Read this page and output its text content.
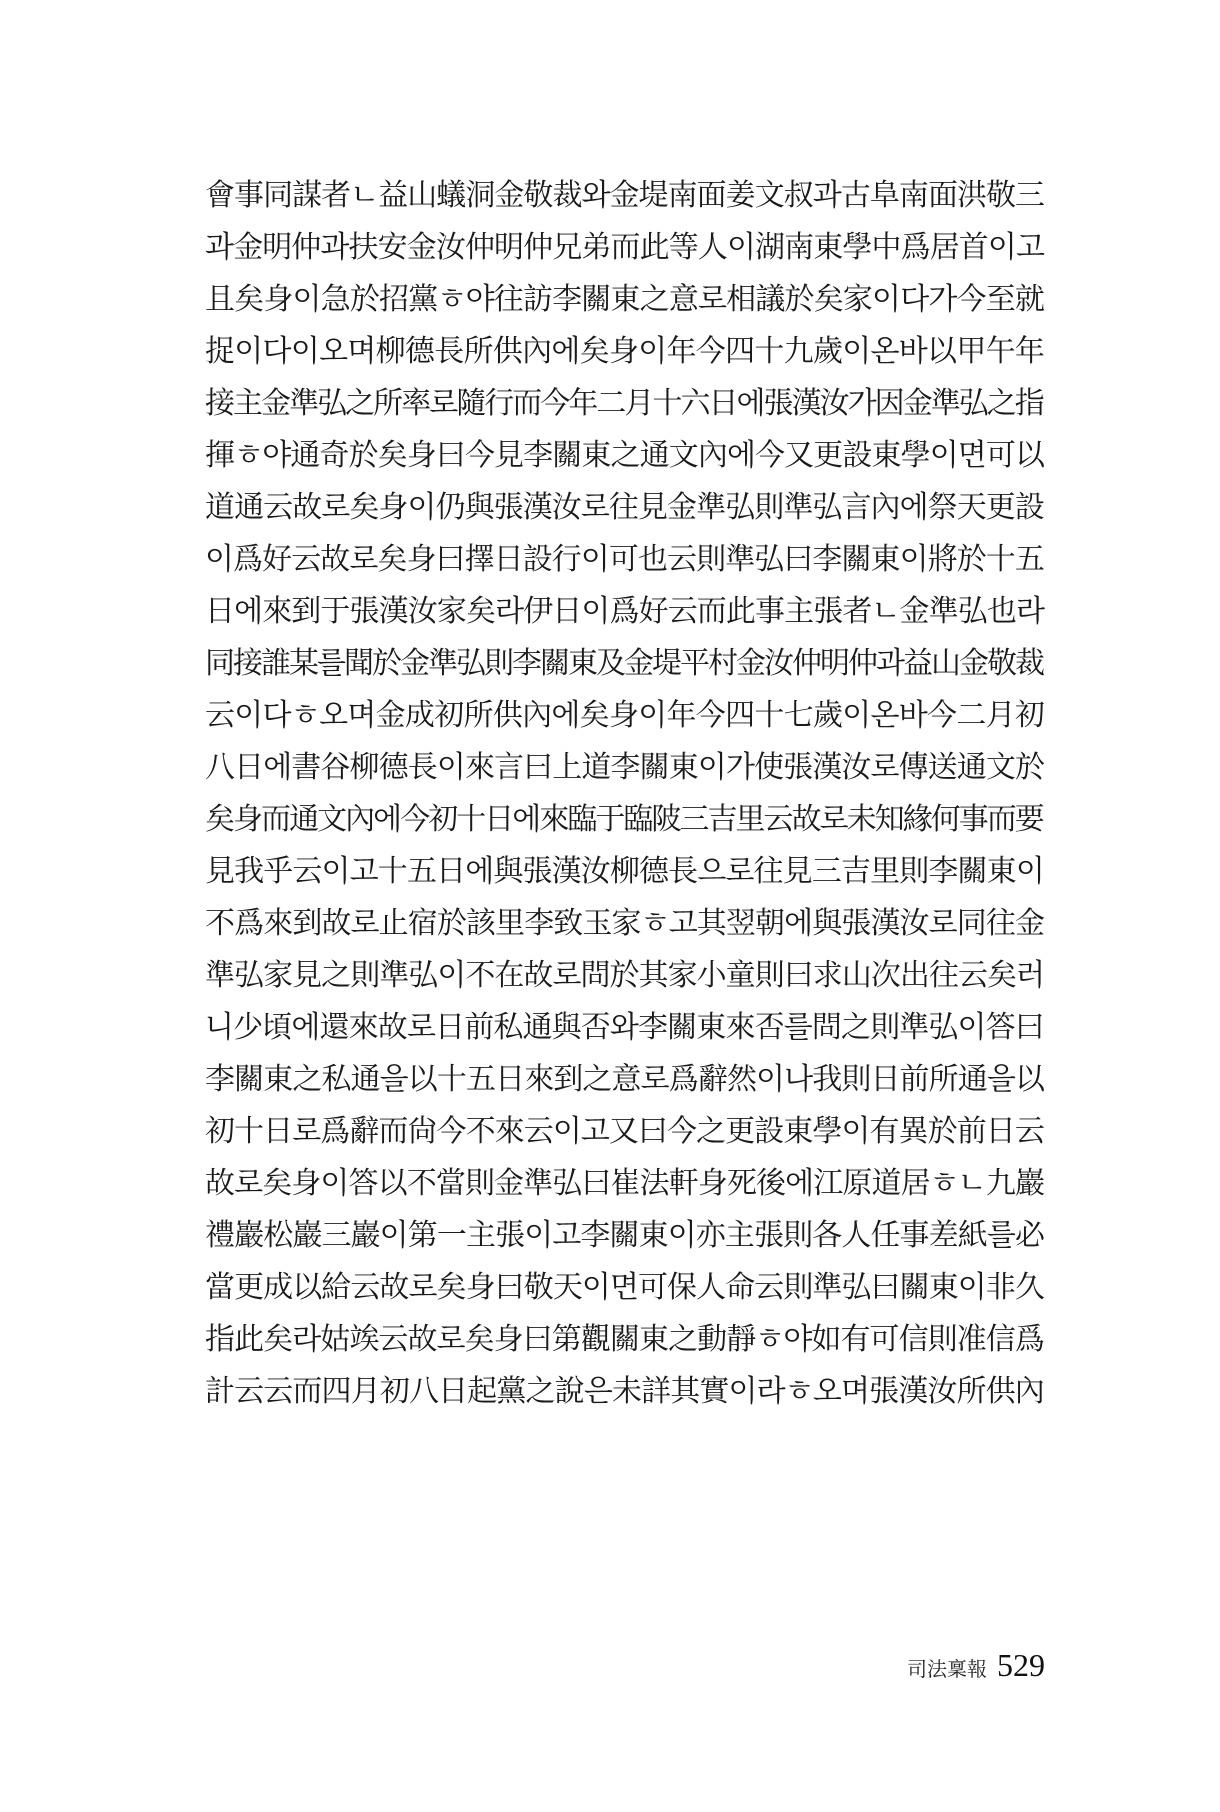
會事同謀者ㄴ益山蟻洞金敬裁와金堤南面姜文叔과古阜南面洪敬三
과金明仲과扶安金汝仲明仲兄弟而此等人이湖南東學中爲居首이고
且矣身이急於招黨ㅎ야往訪李關東之意로相議於矣家이다가今至就
捉이다이오며柳德長所供內에矣身이年今四十九歲이온바以甲午年
接主金準弘之所率로隨行而今年二月十六日에張漢汝가因金準弘之指
揮ㅎ야通奇於矣身曰今見李關東之通文內에今又更設東學이면可以
道通云故로矣身이仍與張漢汝로往見金準弘則準弘言內에祭天更設
이爲好云故로矣身曰擇日設行이可也云則準弘曰李關東이將於十五
日에來到于張漢汝家矣라伊日이爲好云而此事主張者ㄴ金準弘也라
同接誰某를聞於金準弘則李關東及金堤平村金汝仲明仲과益山金敬裁
云이다ㅎ오며金成初所供內에矣身이年今四十七歲이온바今二月初
八日에書谷柳德長이來言曰上道李關東이가使張漢汝로傳送通文於
矣身而通文內에今初十日에來臨于臨陂三吉里云故로未知緣何事而要
見我乎云이고十五日에與張漢汝柳德長으로往見三吉里則李關東이
不爲來到故로止宿於該里李致玉家ㅎ고其翌朝에與張漢汝로同往金
準弘家見之則準弘이不在故로問於其家小童則曰求山次出往云矣러
니少頃에還來故로日前私通與否와李關東來否를問之則準弘이答曰
李關東之私通을以十五日來到之意로爲辭然이나我則日前所通을以
初十日로爲辭而尙今不來云이고又曰今之更設東學이有異於前日云
故로矣身이答以不當則金準弘曰崔法軒身死後에江原道居ㅎㄴ九巖
禮巖松巖三巖이第一主張이고李關東이亦主張則各人任事差紙를必
當更成以給云故로矣身曰敬天이면可保人命云則準弘曰關東이非久
指此矣라姑竢云故로矣身曰第觀關東之動靜ㅎ야如有可信則准信爲
計云云而四月初八日起黨之說은未詳其實이라ㅎ오며張漢汝所供內
司法稟報 529
